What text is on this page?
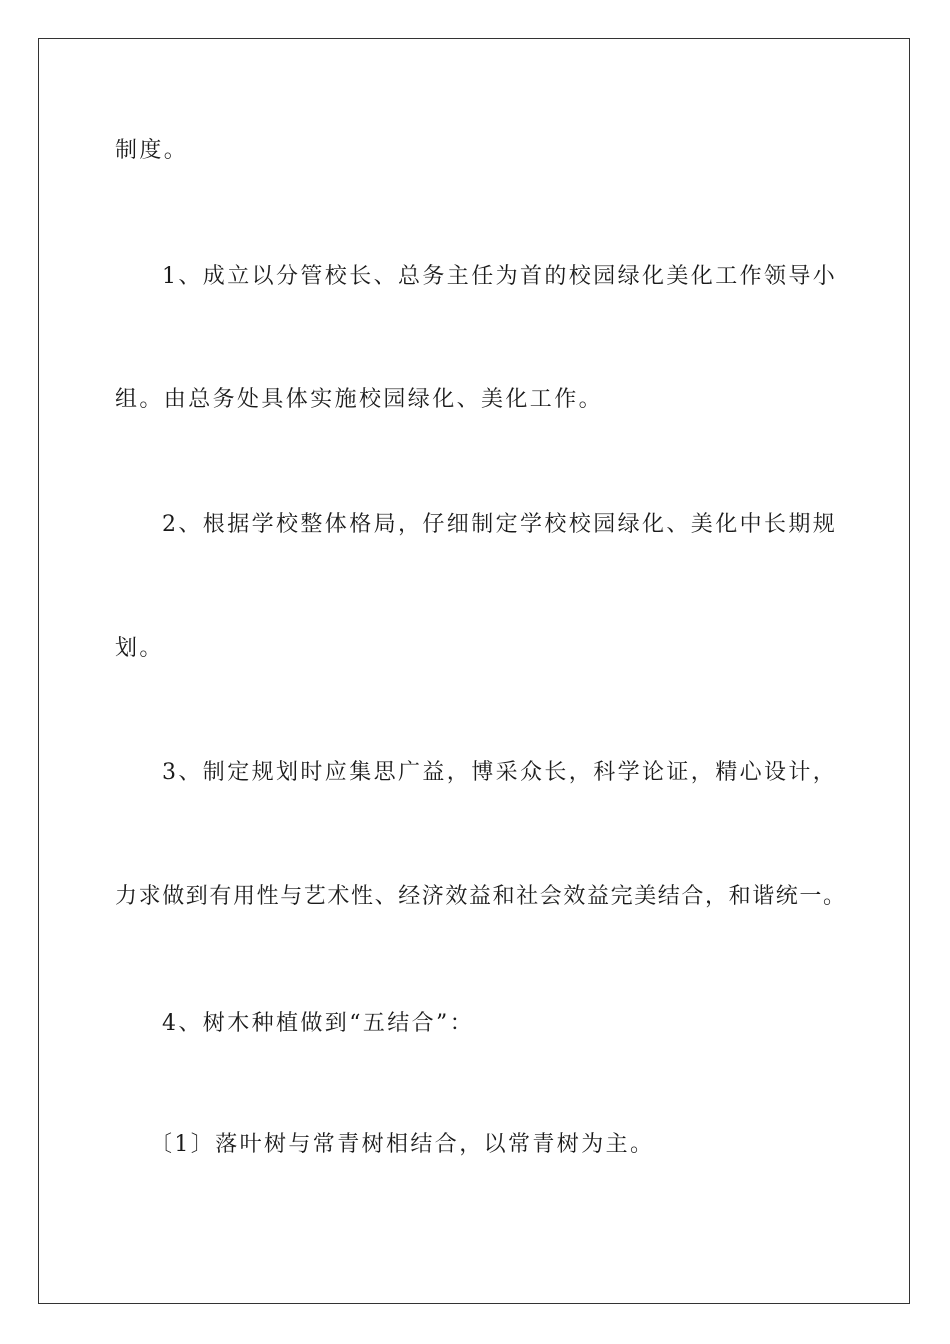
制度。

1、成立以分管校长、总务主任为首的校园绿化美化工作领导小

组。由总务处具体实施校园绿化、美化工作。

2、根据学校整体格局，仔细制定学校校园绿化、美化中长期规

划。

3、制定规划时应集思广益，博采众长，科学论证，精心设计，

力求做到有用性与艺术性、经济效益和社会效益完美结合，和谐统一。

4、树木种植做到“五结合”：

〔1〕落叶树与常青树相结合，以常青树为主。
